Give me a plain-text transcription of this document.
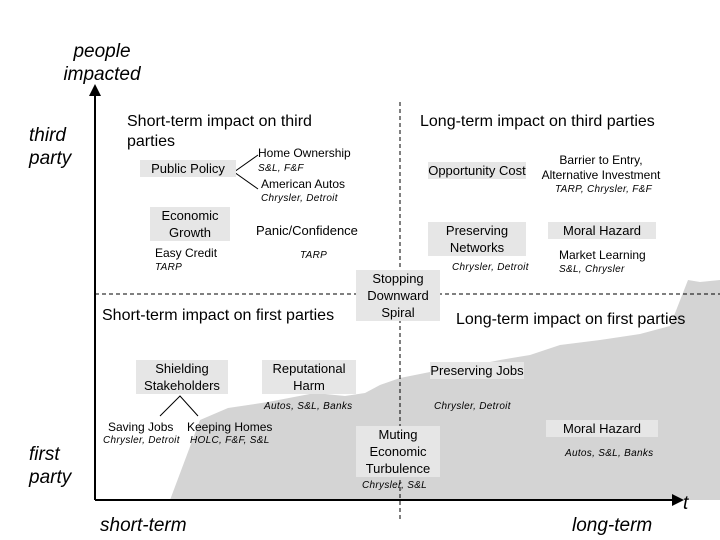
people impacted
third party
first party
short-term	long-term
t
Short-term impact on third parties
Long-term impact on third parties
Short-term impact on first parties	Long-term impact on first parties
Public Policy
Home Ownership
S&L, F&F
American Autos
Chrysler, Detroit
Economic Growth
Easy Credit
TARP
Panic/Confidence
TARP
Opportunity Cost
Barrier to Entry, Alternative Investment
TARP, Chrysler, F&F
Preserving Networks
Chrysler, Detroit
Moral Hazard
Market Learning
S&L, Chrysler
Stopping Downward Spiral
Shielding Stakeholders
Saving Jobs
Chrysler, Detroit
Keeping Homes
HOLC, F&F, S&L
Reputational Harm
Autos, S&L, Banks
Preserving Jobs
Chrysler, Detroit
Muting Economic Turbulence
Chrysler, S&L
Moral Hazard
Autos, S&L, Banks
